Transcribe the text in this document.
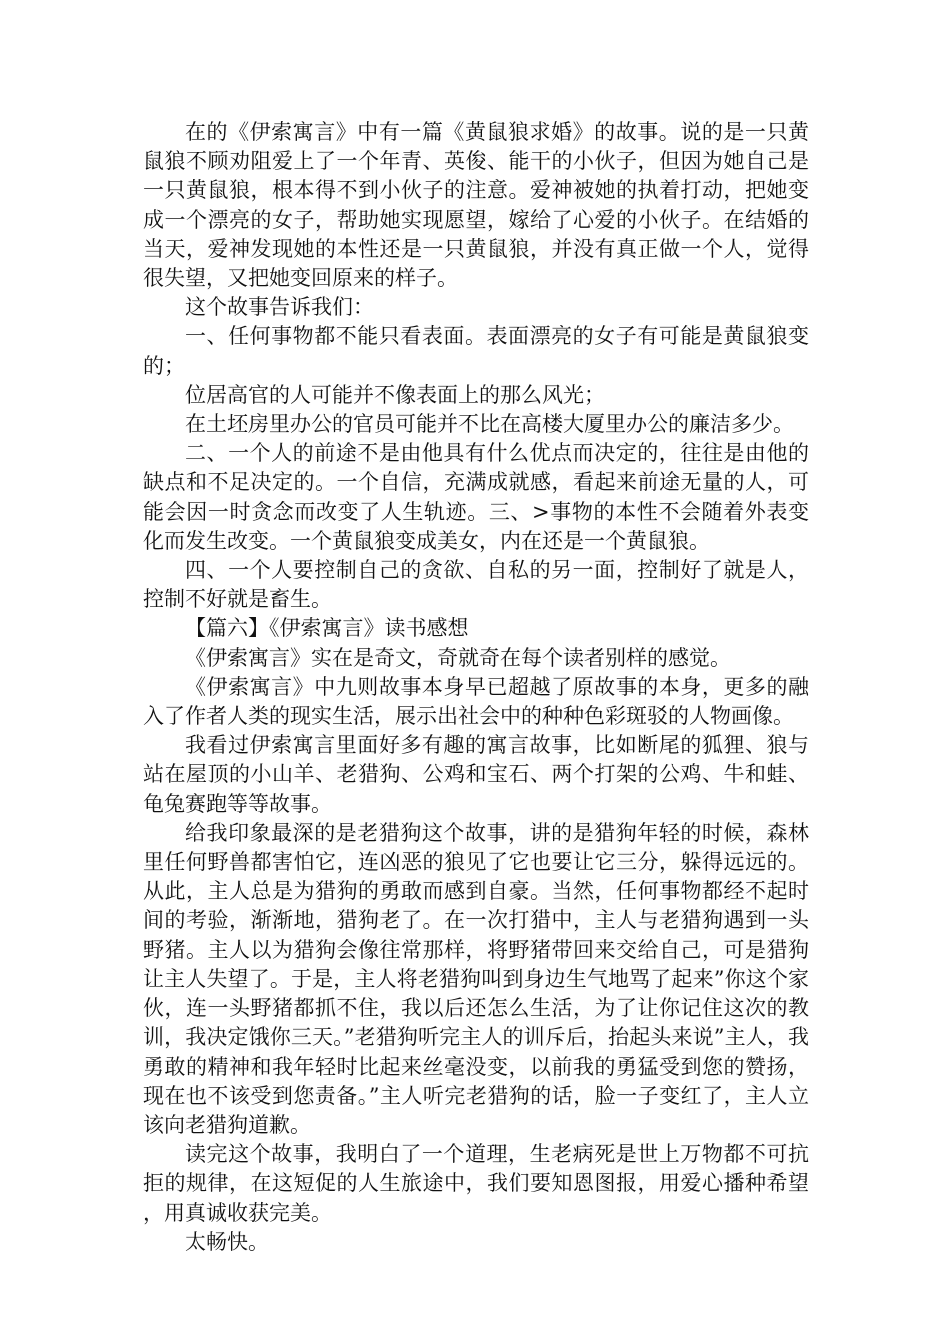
在的《伊索寓言》中有一篇《黄鼠狼求婚》的故事。说的是一只黄鼠狼不顾劝阻爱上了一个年青、英俊、能干的小伙子，但因为她自己是一只黄鼠狼，根本得不到小伙子的注意。爱神被她的执着打动，把她变成一个漂亮的女子，帮助她实现愿望，嫁给了心爱的小伙子。在结婚的当天，爱神发现她的本性还是一只黄鼠狼，并没有真正做一个人，觉得很失望，又把她变回原来的样子。

这个故事告诉我们：

一、任何事物都不能只看表面。表面漂亮的女子有可能是黄鼠狼变的；

位居高官的人可能并不像表面上的那么风光；

在土坯房里办公的官员可能并不比在高楼大厦里办公的廉洁多少。

二、一个人的前途不是由他具有什么优点而决定的，往往是由他的缺点和不足决定的。一个自信，充满成就感，看起来前途无量的人，可能会因一时贪念而改变了人生轨迹。三、>事物的本性不会随着外表变化而发生改变。一个黄鼠狼变成美女，内在还是一个黄鼠狼。

四、一个人要控制自己的贪欲、自私的另一面，控制好了就是人，控制不好就是畜生。

【篇六】《伊索寓言》读书感想

《伊索寓言》实在是奇文，奇就奇在每个读者别样的感觉。

《伊索寓言》中九则故事本身早已超越了原故事的本身，更多的融入了作者人类的现实生活，展示出社会中的种种色彩斑驳的人物画像。

我看过伊索寓言里面好多有趣的寓言故事，比如断尾的狐狸、狼与站在屋顶的小山羊、老猎狗、公鸡和宝石、两个打架的公鸡、牛和蛙、龟兔赛跑等等故事。

给我印象最深的是老猎狗这个故事，讲的是猎狗年轻的时候，森林里任何野兽都害怕它，连凶恶的狼见了它也要让它三分，躲得远远的。从此，主人总是为猎狗的勇敢而感到自豪。当然，任何事物都经不起时间的考验，渐渐地，猎狗老了。在一次打猎中，主人与老猎狗遇到一头野猪。主人以为猎狗会像往常那样，将野猪带回来交给自己，可是猎狗让主人失望了。于是，主人将老猎狗叫到身边生气地骂了起来”你这个家伙，连一头野猪都抓不住，我以后还怎么生活，为了让你记住这次的教训，我决定饿你三天。”老猎狗听完主人的训斥后，抬起头来说”主人，我勇敢的精神和我年轻时比起来丝毫没变，以前我的勇猛受到您的赞扬，现在也不该受到您责备。”主人听完老猎狗的话，脸一子变红了，主人立该向老猎狗道歉。

读完这个故事，我明白了一个道理，生老病死是世上万物都不可抗拒的规律，在这短促的人生旅途中，我们要知恩图报，用爱心播种希望，用真诚收获完美。

太畅快。
